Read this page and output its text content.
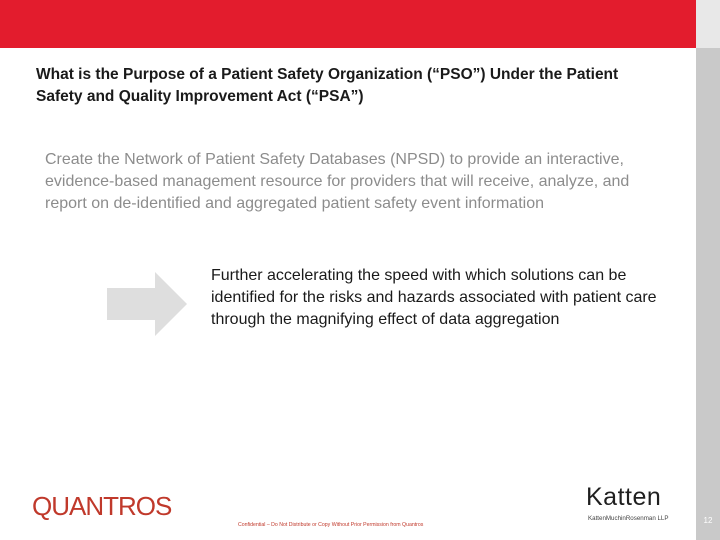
What is the Purpose of a Patient Safety Organization (“PSO”) Under the Patient Safety and Quality Improvement Act (“PSA”)
Create the Network of Patient Safety Databases (NPSD) to provide an interactive, evidence-based management resource for providers that will receive, analyze, and report on de-identified and aggregated patient safety event information
Further accelerating the speed with which solutions can be identified for the risks and hazards associated with patient care through the magnifying effect of data aggregation
QUANTROS	Katten
KattenMuchinRosenman LLP
Confidential – Do Not Distribute or Copy Without Prior Permission from Quantros	12
